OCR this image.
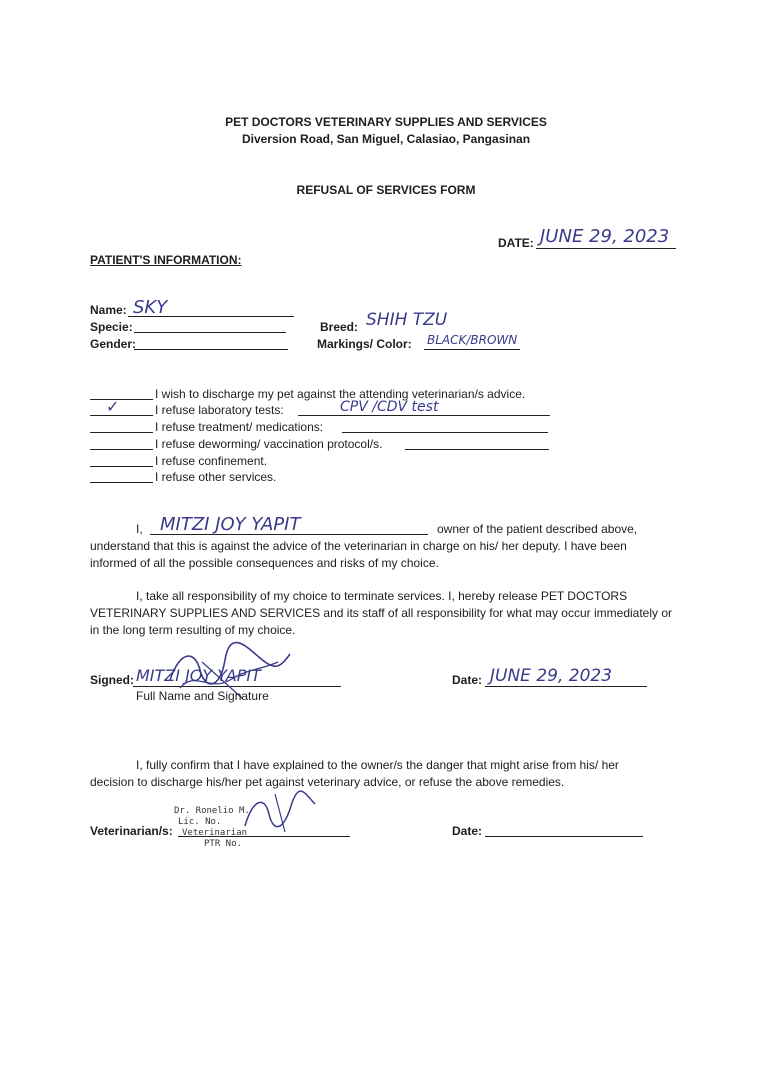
PET DOCTORS VETERINARY SUPPLIES AND SERVICES
Diversion Road, San Miguel, Calasiao, Pangasinan
REFUSAL OF SERVICES FORM
DATE: JUNE 29, 2023
PATIENT'S INFORMATION:
Name: SKY
Specie:
Gender:
Breed: SHIH TZU
Markings/ Color: BLACK/BROWN
I wish to discharge my pet against the attending veterinarian/s advice.
✓	I refuse laboratory tests:	CPV /CDV test
I refuse treatment/ medications:
I refuse deworming/ vaccination protocol/s.
I refuse confinement.
I refuse other services.
I, MITZI JOY YAPIT	owner of the patient described above,
understand that this is against the advice of the veterinarian in charge on his/ her deputy. I have been
informed of all the possible consequences and risks of my choice.
I, take all responsibility of my choice to terminate services. I, hereby release PET DOCTORS
VETERINARY SUPPLIES AND SERVICES and its staff of all responsibility for what may occur immediately or
in the long term resulting of my choice.
Signed: MITZI JOY YAPIT
Full Name and Signature
Date: JUNE 29, 2023
I, fully confirm that I have explained to the owner/s the danger that might arise from his/ her
decision to discharge his/her pet against veterinary advice, or refuse the above remedies.
Veterinarian/s:
Dr. Ronelio M.
Lic. No.
Veterinarian
PTR No.
Date:
